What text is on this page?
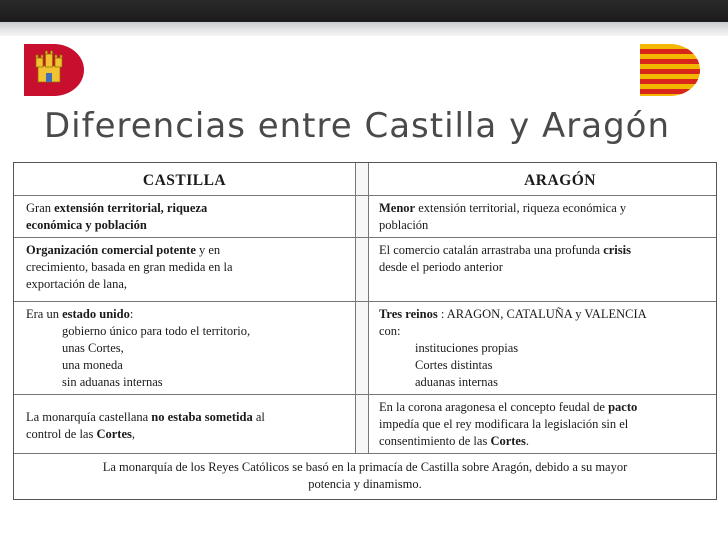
Diferencias entre Castilla y Aragón
CASTILLA	ARAGÓN
Gran extensión territorial, riqueza
económica y población
Menor extensión territorial, riqueza económica y
población
Organización comercial potente y en
crecimiento, basada en gran medida en la
exportación de lana,
El comercio catalán arrastraba una profunda crisis
desde el periodo anterior
Era un estado unido:
gobierno único para todo el territorio,
unas Cortes,
una moneda
sin aduanas internas
Tres reinos : ARAGON, CATALUÑA y VALENCIA
con:
instituciones propias
Cortes distintas
aduanas internas
La monarquía castellana no estaba sometida al
control de las Cortes,
En la corona aragonesa el concepto feudal de pacto
impedía que el rey modificara la legislación sin el
consentimiento de las Cortes.
La monarquía de los Reyes Católicos se basó en la primacía de Castilla sobre Aragón, debido a su mayor
potencia y dinamismo.
